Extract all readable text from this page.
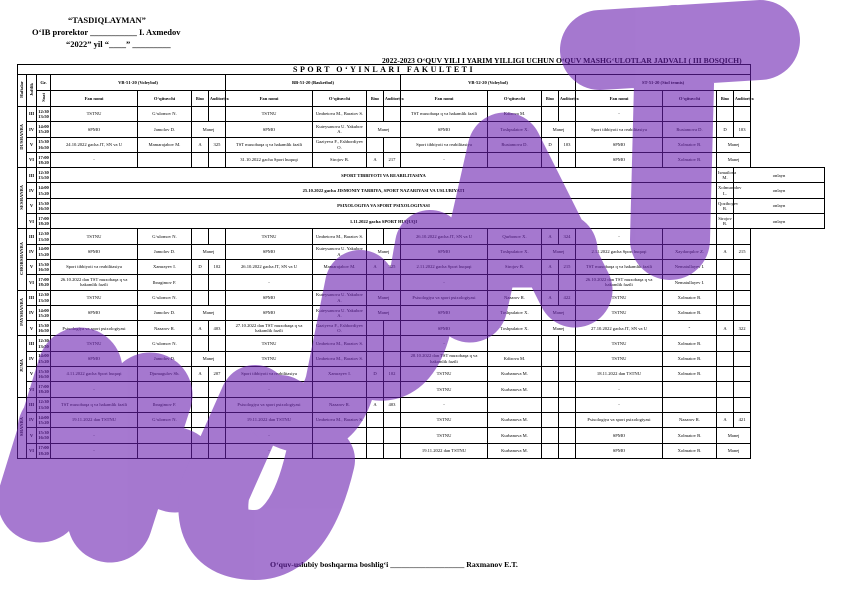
“TASDIQLAYMAN”
O‘IB prorektor ___________ I. Axmedov
“2022” yil “____” _________
2022-2023 O‘QUV YILI I YARIM YILLIGI UCHUN O‘QUV MASHG‘ULOTLAR JADVALI ( III BOSQICH)
SPORT O‘YINLARI FAKULTETI																		
Haftalar	Juftlik	Gr.	VB-51-20 (Voleybol)				BB-51-20 (Basketbol)				VB-52-20 (Voleybol)				ST-51-20 (Stol tennis)			
		Soat	Fan nomi	O‘qituvchi	Bino	Auditoriya	Fan nomi	O‘qituvchi	Bino	Auditoriya	Fan nomi	O‘qituvchi	Bino	Auditoriya	Fan nomi	O‘qituvchi	Bino	Auditoriya
DUSHANBA	III	12:30 13:50	TSTNU	G‘ulomov N.			TSTNU	Umbetova M., Baratov S.			TST muxobaqa q va hakamlik fazili	Kdirova M.			-			
	IV	14:00 15:20	SPMO	Jamolov D.	Manej		SPMO	Kuteysanova U. Yakubov A.	Manej		SPMO	Toshpulatov X.	Manej		Sport tibbiyoti va reabilitasiya	Rustamova D.	D	103
	V	15:30 16:50	24.10.2022 gacha JT, SN va U	Mamarajabov M.	A	325	TST muxobaqa q va hakamlik fazili	Gaziyeva F., Eshbordiyev O.			Sport tibbiyoti va reabilitasiya	Rustamova D.	D	103	SPMO	Xolmatov B.	Manej	
	VI	17:00 18:20	-				31.10.2022 gacha Sport huquqi	Sirojov B.	A	217	-				SPMO	Xolmatov B.	Manej	
SESHANBA	III	12:30 13:50	SPORT TIBBIYOTI VA REABILITASIYA														Ismailova M.	onlayn
	IV	14:00 15:20	25.10.2022 gacha JISMONIY TARBIYA, SPORT NAZARIYASI VA USLUBIYATI														Xolmurodov L.	onlayn
	V	15:30 16:50	PSIXOLOGIYA VA SPORT PSIXOLOGIYASI														Qoziboyev B.	onlayn
	VI	17:00 18:20	1.11.2022 gacha SPORT HUQUQI														Sirojov B.	onlayn
CHORSHANBA	III	12:30 13:50	TSTNU	G‘ulomov N.			TSTNU	Umbetova M., Baratov S.			26.10.2022 gacha JT, SN va U	Qurbonov X.	A	324	-			
	IV	14:00 15:20	SPMO	Jamolov D.	Manej		SPMO	Kuteysanova U. Yakubov A.	Manej		SPMO	Toshpulatov X.	Manej		2.11.2022 gacha Sport huquqi	Xaydarqulov Z.	A	215
	V	15:30 16:50	Sport tibbiyoti va reabilitasiya	Xamrayev I.	D	102	26.10.2022 gacha JT, SN va U	Mamarajabov M.	A	325	2.11.2022 gacha Sport huquqi	Sirojov B.	A	215	TST muxobaqa q va hakamlik fazili	Nematullayev I.		
	VI	17:00 18:20	26.10.2022 dan TST muxobaqa q va hakamlik fazili	Ibragimov F.			-				-				26.10.2022 dan TST muxobaqa q va hakamlik fazili	Nematullayev I.		
PAYSHANBA	III	12:30 13:50	TSTNU	G‘ulomov N.			SPMO	Kuteysanova U. Yakubov A.	Manej		Psixologiya va sport psixologiyasi	Nazarov R.	A	422	TSTNU	Xolmatov B.		
	IV	14:00 15:20	SPMO	Jamolov D.	Manej		SPMO	Kuteysanova U. Yakubov A.	Manej		SPMO	Toshpulatov X.	Manej		TSTNU	Xolmatov B.		
	V	15:30 16:50	Psixologiya va sport psixologiyasi	Nazarov R.	A	403	27.10.2022 dan TST muxobaqa q va hakamlik fazili	Gaziyeva F., Eshbordiyev O.			SPMO	Toshpulatov X.	Manej		27.10.2022 gacha JT, SN va U	"	A	322
JUMA	III	12:30 13:50	TSTNU	G‘ulomov N.			TSTNU	Umbetova M., Baratov S.			-				TSTNU	Xolmatov B.		
	IV	14:00 15:20	SPMO	Jamolov D.	Manej		TSTNU	Umbetova M., Baratov S.			28.10.2022 dan TST muxobaqa q va hakamlik fazili	Kdirova M.			TSTNU	Xolmatov B.		
	V	15:30 16:50	4.11.2022 gacha Sport huquqi	Djumagulov Sh.	A	207	Sport tibbiyoti va reabilitasiya	Xamrayev I.	D	102	TSTNU	Kurbanova M.			18.11.2022 dan TSTNU	Xolmatov B.		
	VI	17:00 18:20	-				-				TSTNU	Kurbanova M.			-			
SHANBA	III	12:30 13:50	TST muxobaqa q va hakamlik fazili	Ibragimov F.			Psixologiya va sport psixologiyasi	Nazarov R.	A	403	-				-			
	IV	14:00 15:20	19.11.2022 dan TSTNU	G‘ulomov N.			19.11.2022 dan TSTNU	Umbetova M., Baratov S.			TSTNU	Kurbanova M.			Psixologiya va sport psixologiyasi	Nazarov R.	A	421
	V	15:30 16:50	-				-				TSTNU	Kurbanova M.			SPMO	Xolmatov B.	Manej	
	VI	17:00 18:20	-				-				19.11.2022 dan TSTNU	Kurbanova M.			SPMO	Xolmatov B.	Manej	
O‘quv-uslubiy boshqarma boshlig‘i ___________________ Raxmanov E.T.
